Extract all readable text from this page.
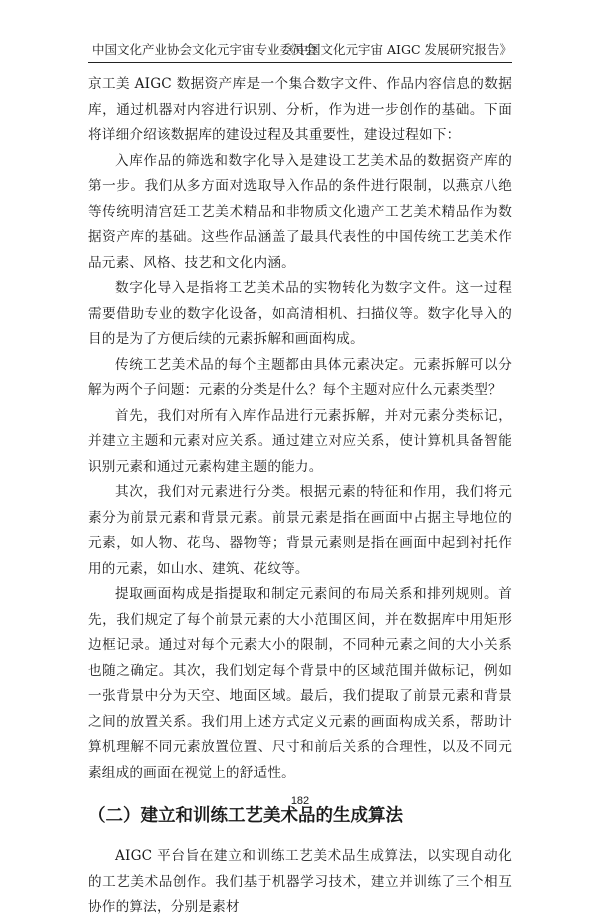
中国文化产业协会文化元宇宙专业委员会
《中国文化元宇宙 AIGC 发展研究报告》

京工美 AIGC 数据资产库是一个集合数字文件、作品内容信息的数据库，通过机器对内容进行识别、分析，作为进一步创作的基础。下面将详细介绍该数据库的建设过程及其重要性，建设过程如下：

入库作品的筛选和数字化导入是建设工艺美术品的数据资产库的第一步。我们从多方面对选取导入作品的条件进行限制，以燕京八绝等传统明清宫廷工艺美术精品和非物质文化遗产工艺美术精品作为数据资产库的基础。这些作品涵盖了最具代表性的中国传统工艺美术作品元素、风格、技艺和文化内涵。

数字化导入是指将工艺美术品的实物转化为数字文件。这一过程需要借助专业的数字化设备，如高清相机、扫描仪等。数字化导入的目的是为了方便后续的元素拆解和画面构成。

传统工艺美术品的每个主题都由具体元素决定。元素拆解可以分解为两个子问题：元素的分类是什么？每个主题对应什么元素类型？

首先，我们对所有入库作品进行元素拆解，并对元素分类标记，并建立主题和元素对应关系。通过建立对应关系，使计算机具备智能识别元素和通过元素构建主题的能力。

其次，我们对元素进行分类。根据元素的特征和作用，我们将元素分为前景元素和背景元素。前景元素是指在画面中占据主导地位的元素，如人物、花鸟、器物等；背景元素则是指在画面中起到衬托作用的元素，如山水、建筑、花纹等。

提取画面构成是指提取和制定元素间的布局关系和排列规则。首先，我们规定了每个前景元素的大小范围区间，并在数据库中用矩形边框记录。通过对每个元素大小的限制，不同种元素之间的大小关系也随之确定。其次，我们划定每个背景中的区域范围并做标记，例如一张背景中分为天空、地面区域。最后，我们提取了前景元素和背景之间的放置关系。我们用上述方式定义元素的画面构成关系，帮助计算机理解不同元素放置位置、尺寸和前后关系的合理性，以及不同元素组成的画面在视觉上的舒适性。

（二）建立和训练工艺美术品的生成算法

AIGC 平台旨在建立和训练工艺美术品生成算法，以实现自动化的工艺美术品创作。我们基于机器学习技术，建立并训练了三个相互协作的算法，分别是素材

182
